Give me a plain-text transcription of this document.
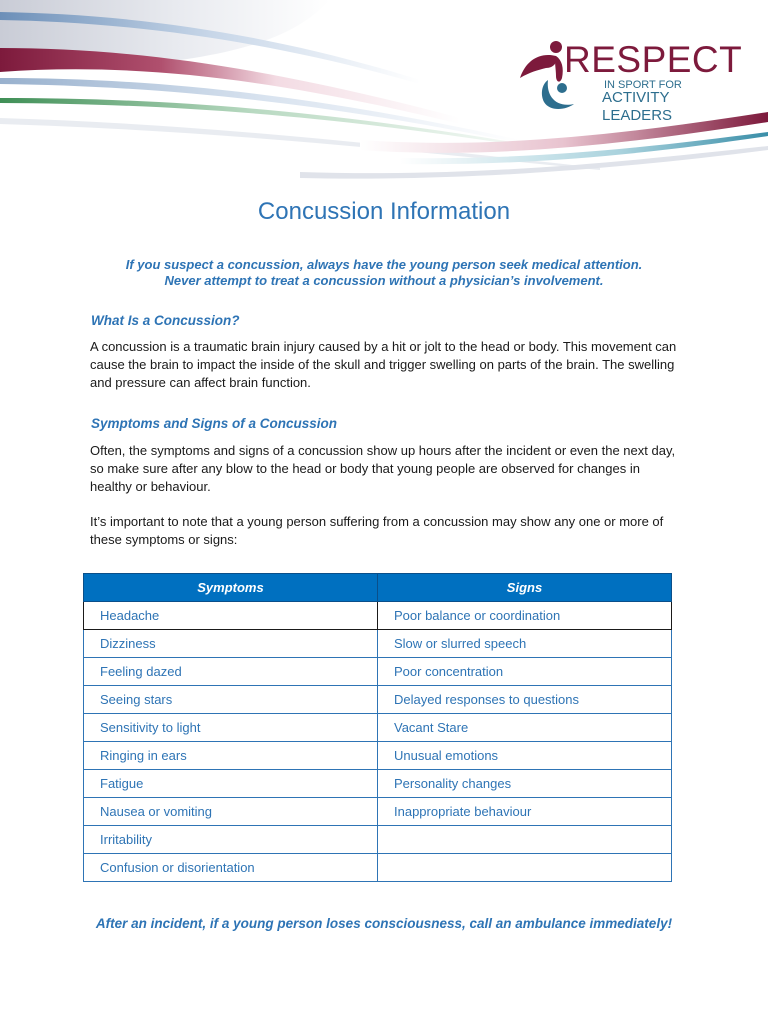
RESPECT
IN SPORT FOR
ACTIVITY LEADERS
Concussion Information
If you suspect a concussion, always have the young person seek medical attention.
Never attempt to treat a concussion without a physician’s involvement.
What Is a Concussion?

A concussion is a traumatic brain injury caused by a hit or jolt to the head or body. This movement can cause the brain to impact the inside of the skull and trigger swelling on parts of the brain. The swelling and pressure can affect brain function.

Symptoms and Signs of a Concussion

Often, the symptoms and signs of a concussion show up hours after the incident or even the next day, so make sure after any blow to the head or body that young people are observed for changes in healthy or behaviour.

It’s important to note that a young person suffering from a concussion may show any one or more of these symptoms or signs:

Symptoms	Signs
Headache	Poor balance or coordination
Dizziness	Slow or slurred speech
Feeling dazed	Poor concentration
Seeing stars	Delayed responses to questions
Sensitivity to light	Vacant Stare
Ringing in ears	Unusual emotions
Fatigue	Personality changes
Nausea or vomiting	Inappropriate behaviour
Irritability	
Confusion or disorientation	
After an incident, if a young person loses consciousness, call an ambulance immediately!
